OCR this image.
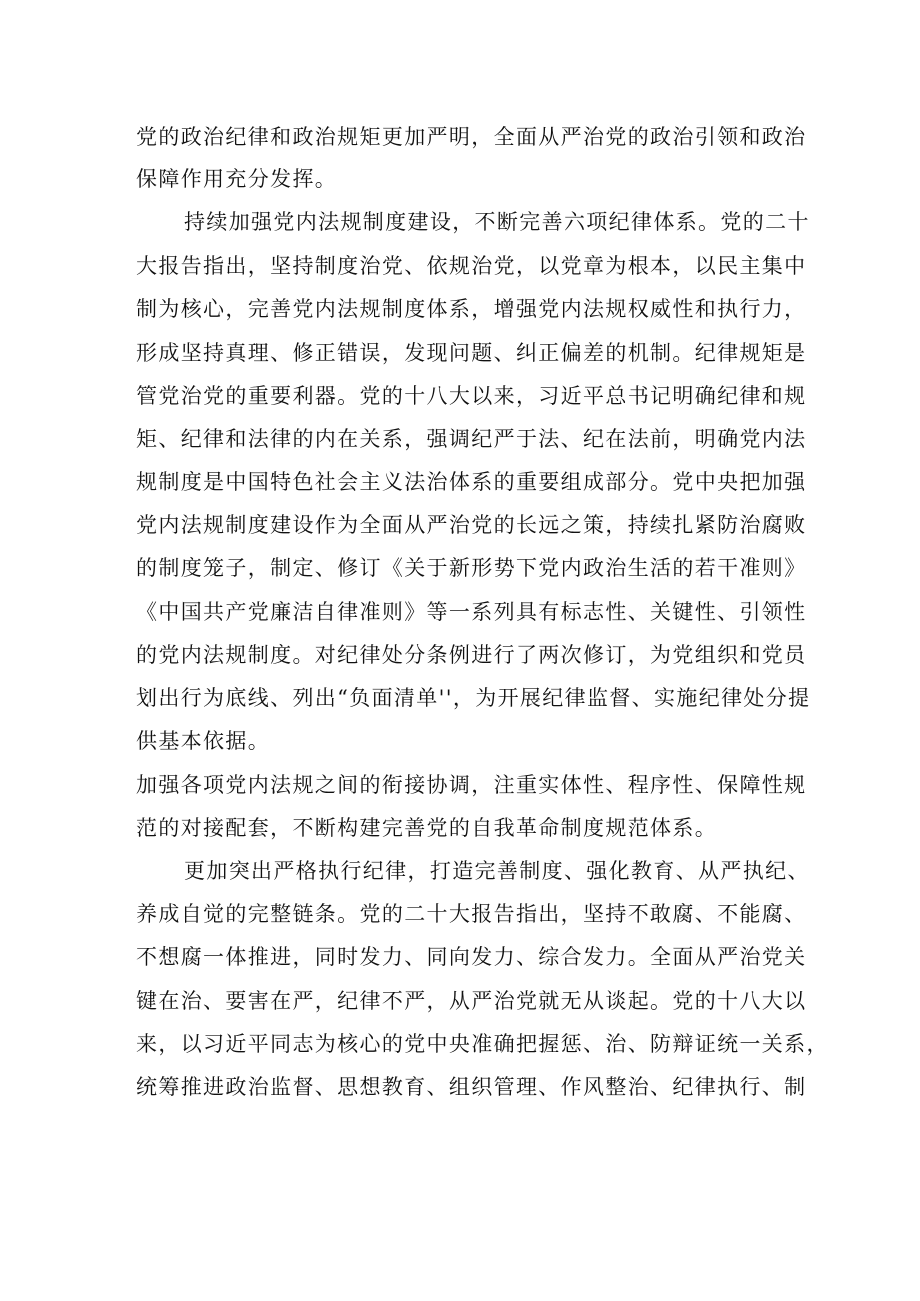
党的政治纪律和政治规矩更加严明，全面从严治党的政治引领和政治
保障作用充分发挥。
持续加强党内法规制度建设，不断完善六项纪律体系。党的二十
大报告指出，坚持制度治党、依规治党，以党章为根本，以民主集中
制为核心，完善党内法规制度体系，增强党内法规权威性和执行力，
形成坚持真理、修正错误，发现问题、纠正偏差的机制。纪律规矩是
管党治党的重要利器。党的十八大以来，习近平总书记明确纪律和规
矩、纪律和法律的内在关系，强调纪严于法、纪在法前，明确党内法
规制度是中国特色社会主义法治体系的重要组成部分。党中央把加强
党内法规制度建设作为全面从严治党的长远之策，持续扎紧防治腐败
的制度笼子，制定、修订《关于新形势下党内政治生活的若干准则》
《中国共产党廉洁自律准则》等一系列具有标志性、关键性、引领性
的党内法规制度。对纪律处分条例进行了两次修订，为党组织和党员
划出行为底线、列出“负面清单''，为开展纪律监督、实施纪律处分提
供基本依据。
加强各项党内法规之间的衔接协调，注重实体性、程序性、保障性规
范的对接配套，不断构建完善党的自我革命制度规范体系。
更加突出严格执行纪律，打造完善制度、强化教育、从严执纪、
养成自觉的完整链条。党的二十大报告指出，坚持不敢腐、不能腐、
不想腐一体推进，同时发力、同向发力、综合发力。全面从严治党关
键在治、要害在严，纪律不严，从严治党就无从谈起。党的十八大以
来，以习近平同志为核心的党中央准确把握惩、治、防辩证统一关系，
统筹推进政治监督、思想教育、组织管理、作风整治、纪律执行、制
